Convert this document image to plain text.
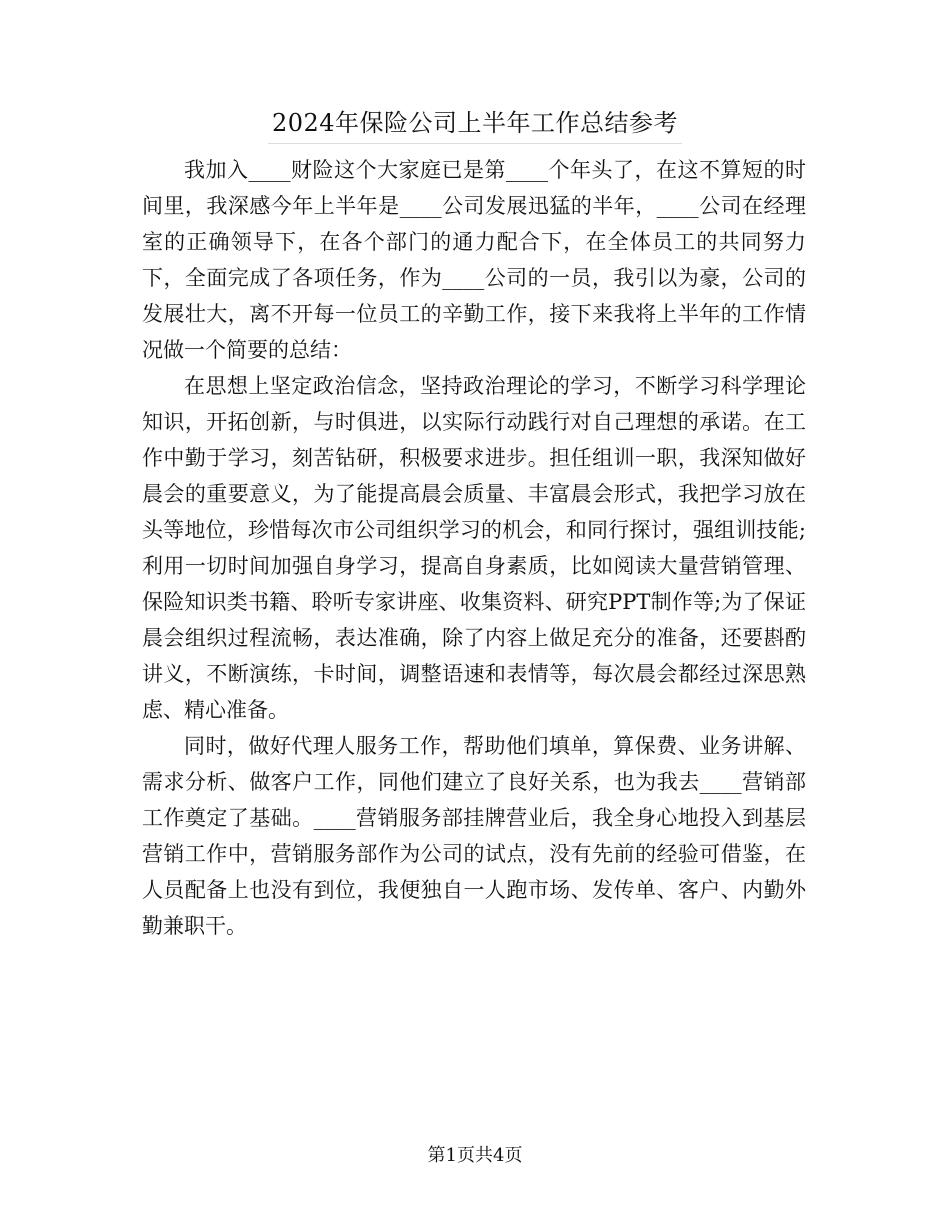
2024年保险公司上半年工作总结参考

我加入____财险这个大家庭已是第____个年头了，在这不算短的时间里，我深感今年上半年是____公司发展迅猛的半年，____公司在经理室的正确领导下，在各个部门的通力配合下，在全体员工的共同努力下，全面完成了各项任务，作为____公司的一员，我引以为豪，公司的发展壮大，离不开每一位员工的辛勤工作，接下来我将上半年的工作情况做一个简要的总结：

在思想上坚定政治信念，坚持政治理论的学习，不断学习科学理论知识，开拓创新，与时俱进，以实际行动践行对自己理想的承诺。在工作中勤于学习，刻苦钻研，积极要求进步。担任组训一职，我深知做好晨会的重要意义，为了能提高晨会质量、丰富晨会形式，我把学习放在头等地位，珍惜每次市公司组织学习的机会，和同行探讨，强组训技能;利用一切时间加强自身学习，提高自身素质，比如阅读大量营销管理、保险知识类书籍、聆听专家讲座、收集资料、研究PPT制作等;为了保证晨会组织过程流畅，表达准确，除了内容上做足充分的准备，还要斟酌讲义，不断演练，卡时间，调整语速和表情等，每次晨会都经过深思熟虑、精心准备。

同时，做好代理人服务工作，帮助他们填单，算保费、业务讲解、需求分析、做客户工作，同他们建立了良好关系，也为我去____营销部工作奠定了基础。____营销服务部挂牌营业后，我全身心地投入到基层营销工作中，营销服务部作为公司的试点，没有先前的经验可借鉴，在人员配备上也没有到位，我便独自一人跑市场、发传单、客户、内勤外勤兼职干。

第1页共4页
